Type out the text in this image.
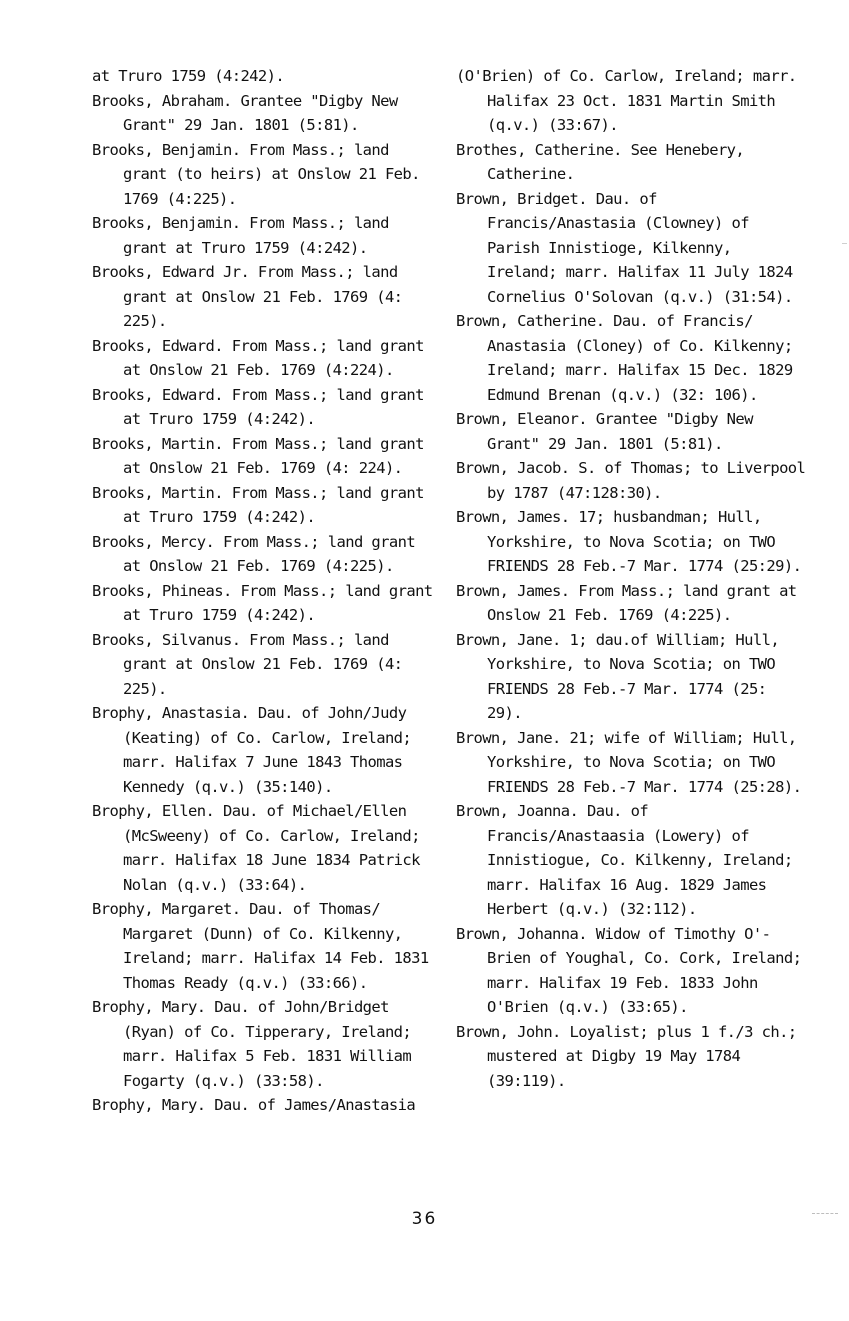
at Truro 1759 (4:242).
Brooks, Abraham. Grantee "Digby New Grant" 29 Jan. 1801 (5:81).
Brooks, Benjamin. From Mass.; land grant (to heirs) at Onslow 21 Feb. 1769 (4:225).
Brooks, Benjamin. From Mass.; land grant at Truro 1759 (4:242).
Brooks, Edward Jr. From Mass.; land grant at Onslow 21 Feb. 1769 (4: 225).
Brooks, Edward. From Mass.; land grant at Onslow 21 Feb. 1769 (4:224).
Brooks, Edward. From Mass.; land grant at Truro 1759 (4:242).
Brooks, Martin. From Mass.; land grant at Onslow 21 Feb. 1769 (4: 224).
Brooks, Martin. From Mass.; land grant at Truro 1759 (4:242).
Brooks, Mercy. From Mass.; land grant at Onslow 21 Feb. 1769 (4:225).
Brooks, Phineas. From Mass.; land grant at Truro 1759 (4:242).
Brooks, Silvanus. From Mass.; land grant at Onslow 21 Feb. 1769 (4: 225).
Brophy, Anastasia. Dau. of John/Judy (Keating) of Co. Carlow, Ireland; marr. Halifax 7 June 1843 Thomas Kennedy (q.v.) (35:140).
Brophy, Ellen. Dau. of Michael/Ellen (McSweeny) of Co. Carlow, Ireland; marr. Halifax 18 June 1834 Patrick Nolan (q.v.) (33:64).
Brophy, Margaret. Dau. of Thomas/ Margaret (Dunn) of Co. Kilkenny, Ireland; marr. Halifax 14 Feb. 1831 Thomas Ready (q.v.) (33:66).
Brophy, Mary. Dau. of John/Bridget (Ryan) of Co. Tipperary, Ireland; marr. Halifax 5 Feb. 1831 William Fogarty (q.v.) (33:58).
Brophy, Mary. Dau. of James/Anastasia
(O'Brien) of Co. Carlow, Ireland; marr. Halifax 23 Oct. 1831 Martin Smith (q.v.) (33:67).
Brothes, Catherine. See Henebery, Catherine.
Brown, Bridget. Dau. of Francis/Anastasia (Clowney) of Parish Innistioge, Kilkenny, Ireland; marr. Halifax 11 July 1824 Cornelius O'Solovan (q.v.) (31:54).
Brown, Catherine. Dau. of Francis/ Anastasia (Cloney) of Co. Kilkenny; Ireland; marr. Halifax 15 Dec. 1829 Edmund Brenan (q.v.) (32: 106).
Brown, Eleanor. Grantee "Digby New Grant" 29 Jan. 1801 (5:81).
Brown, Jacob. S. of Thomas; to Liverpool by 1787 (47:128:30).
Brown, James. 17; husbandman; Hull, Yorkshire, to Nova Scotia; on TWO FRIENDS 28 Feb.-7 Mar. 1774 (25:29).
Brown, James. From Mass.; land grant at Onslow 21 Feb. 1769 (4:225).
Brown, Jane. 1; dau.of William; Hull, Yorkshire, to Nova Scotia; on TWO FRIENDS 28 Feb.-7 Mar. 1774 (25: 29).
Brown, Jane. 21; wife of William; Hull, Yorkshire, to Nova Scotia; on TWO FRIENDS 28 Feb.-7 Mar. 1774 (25:28).
Brown, Joanna. Dau. of Francis/Anastaasia (Lowery) of Innistiogue, Co. Kilkenny, Ireland; marr. Halifax 16 Aug. 1829 James Herbert (q.v.) (32:112).
Brown, Johanna. Widow of Timothy O'-Brien of Youghal, Co. Cork, Ireland; marr. Halifax 19 Feb. 1833 John O'Brien (q.v.) (33:65).
Brown, John. Loyalist; plus 1 f./3 ch.; mustered at Digby 19 May 1784 (39:119).
36
